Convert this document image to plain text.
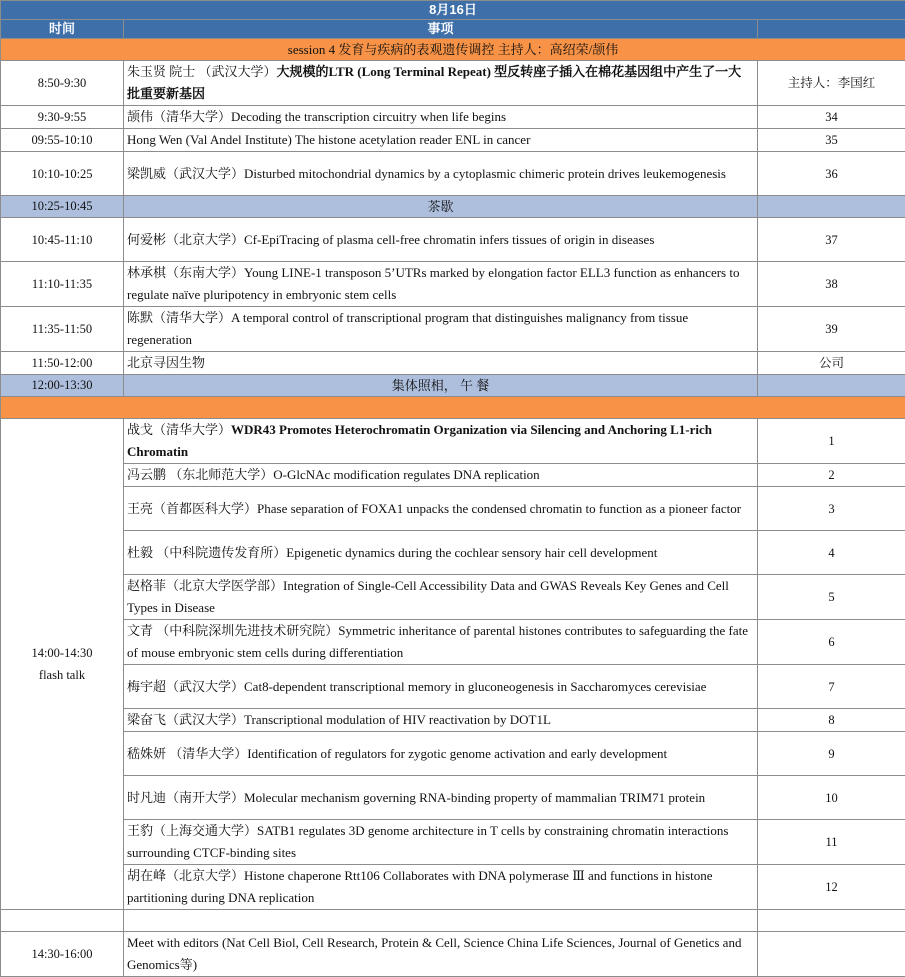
8月16日		
时间	事项	
session 4 发育与疾病的表观遗传调控 主持人：高绍荣/颉伟		
8:50-9:30	朱玉贤 院士 （武汉大学）大规模的LTR (Long Terminal Repeat) 型反转座子插入在棉花基因组中产生了一大批重要新基因	主持人：李国红
9:30-9:55	颉伟（清华大学）Decoding the transcription circuitry when life begins	34
09:55-10:10	Hong Wen (Val Andel Institute) The histone acetylation reader ENL in cancer	35
10:10-10:25	梁凯威（武汉大学）Disturbed mitochondrial dynamics by a cytoplasmic chimeric protein drives leukemogenesis	36
10:25-10:45	茶歇	
10:45-11:10	何爱彬（北京大学）Cf-EpiTracing of plasma cell-free chromatin infers tissues of origin in diseases	37
11:10-11:35	林承棋（东南大学）Young LINE-1 transposon 5’UTRs marked by elongation factor ELL3 function as enhancers to regulate naïve pluripotency in embryonic stem cells	38
11:35-11:50	陈默（清华大学）A temporal control of transcriptional program that distinguishes malignancy from tissue regeneration	39
11:50-12:00	北京寻因生物	公司
12:00-13:30	集体照相， 午 餐	

14:00-14:30
flash talk	战戈（清华大学）WDR43 Promotes Heterochromatin Organization via Silencing and Anchoring L1-rich Chromatin	1
	冯云鹏 （东北师范大学）O-GlcNAc modification regulates DNA replication	2
	王亮（首都医科大学）Phase separation of FOXA1 unpacks the condensed chromatin to function as a pioneer factor	3
	杜毅 （中科院遗传发育所）Epigenetic dynamics during the cochlear sensory hair cell development	4
	赵格菲（北京大学医学部）Integration of Single-Cell Accessibility Data and GWAS Reveals Key Genes and Cell Types in Disease	5
	文青 （中科院深圳先进技术研究院）Symmetric inheritance of parental histones contributes to safeguarding the fate of mouse embryonic stem cells during differentiation	6
	梅宇超（武汉大学）Cat8-dependent transcriptional memory in gluconeogenesis in Saccharomyces cerevisiae	7
	梁奋飞（武汉大学）Transcriptional modulation of HIV reactivation by DOT1L	8
	嵇姝妍 （清华大学）Identification of regulators for zygotic genome activation and early development	9
	时凡迪（南开大学）Molecular mechanism governing RNA-binding property of mammalian TRIM71 protein	10
	王豹（上海交通大学）SATB1 regulates 3D genome architecture in T cells by constraining chromatin interactions surrounding CTCF-binding sites	11
	胡在峰（北京大学）Histone chaperone Rtt106 Collaborates with DNA polymerase Ⅲ and functions in histone partitioning during DNA replication	12

14:30-16:00	Meet with editors (Nat Cell Biol, Cell Research, Protein & Cell, Science China Life Sciences, Journal of Genetics and Genomics等)	
